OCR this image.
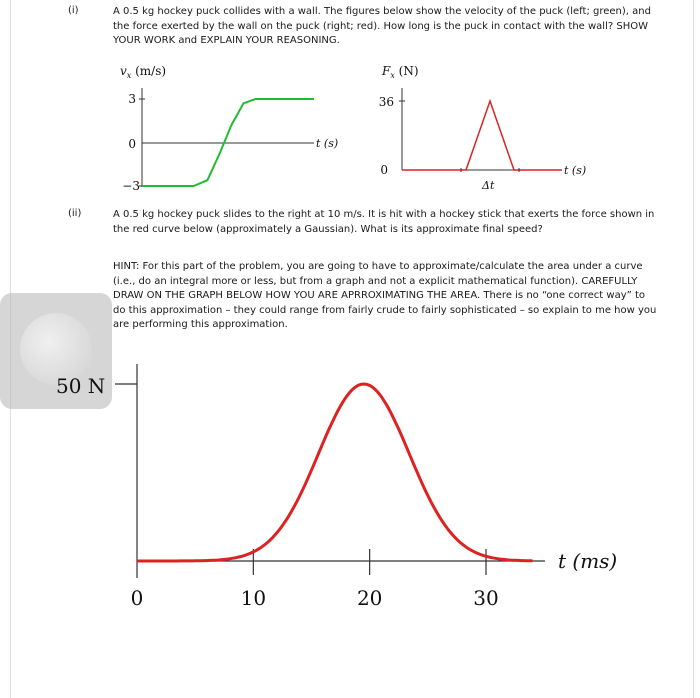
(i)	A 0.5 kg hockey puck collides with a wall. The figures below show the velocity of the puck (left; green), and
the force exerted by the wall on the puck (right; red). How long is the puck in contact with the wall? SHOW
YOUR WORK and EXPLAIN YOUR REASONING.
$v_x$ (m/s)
3
0
−3
t (s)
$F_x$ (N)
36
0	t (s)
Δt
(ii)	A 0.5 kg hockey puck slides to the right at 10 m/s. It is hit with a hockey stick that exerts the force shown in
the red curve below (approximately a Gaussian). What is its approximate final speed?
HINT: For this part of the problem, you are going to have to approximate/calculate the area under a curve
(i.e., do an integral more or less, but from a graph and not a explicit mathematical function). CAREFULLY
DRAW ON THE GRAPH BELOW HOW YOU ARE APRROXIMATING THE AREA. There is no “one correct way” to
do this approximation – they could range from fairly crude to fairly sophisticated – so explain to me how you
are performing this approximation.
50 N
0	10	20	30
t (ms)
